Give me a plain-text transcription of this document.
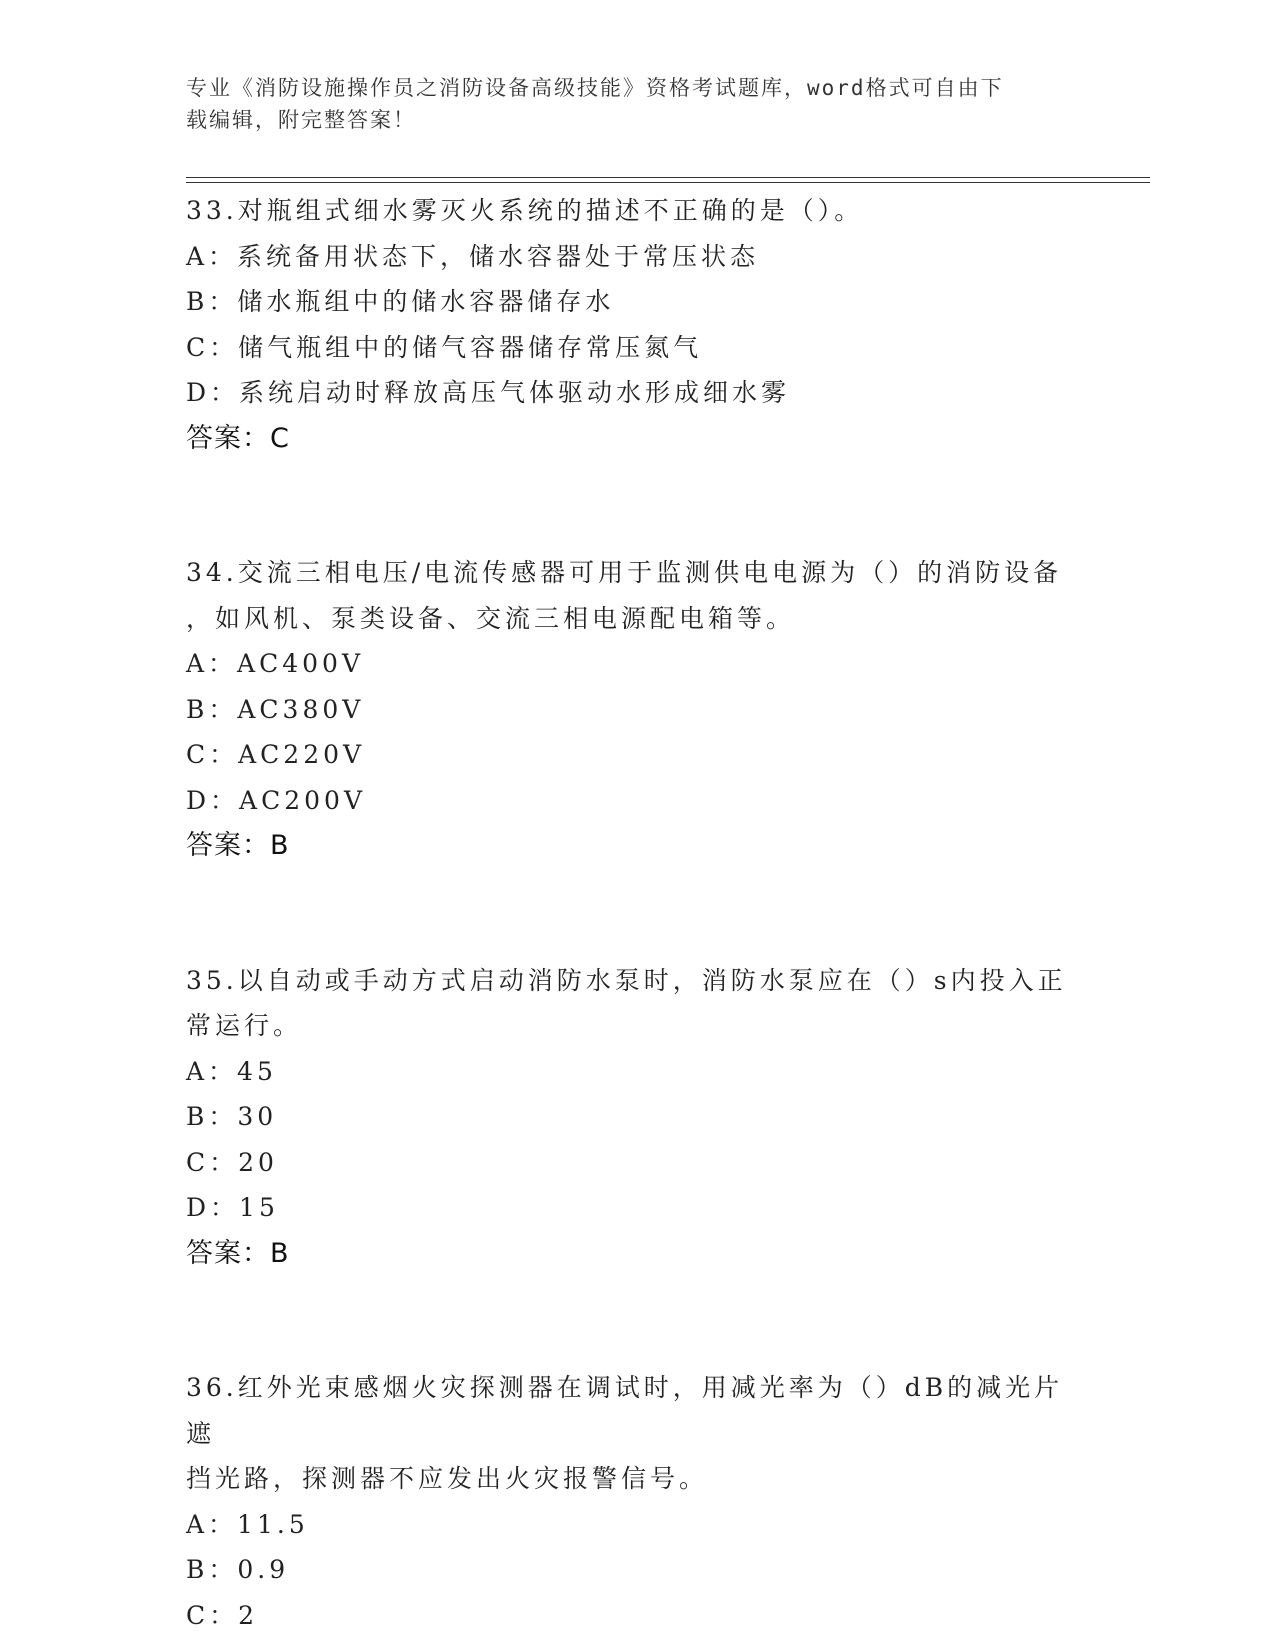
专业《消防设施操作员之消防设备高级技能》资格考试题库，word格式可自由下
载编辑，附完整答案！
33.对瓶组式细水雾灭火系统的描述不正确的是（）。
A：系统备用状态下，储水容器处于常压状态
B：储水瓶组中的储水容器储存水
C：储气瓶组中的储气容器储存常压氮气
D：系统启动时释放高压气体驱动水形成细水雾
答案：C
34.交流三相电压/电流传感器可用于监测供电电源为（）的消防设备
，如风机、泵类设备、交流三相电源配电箱等。
A：AC400V
B：AC380V
C：AC220V
D：AC200V
答案：B
35.以自动或手动方式启动消防水泵时，消防水泵应在（）s内投入正
常运行。
A：45
B：30
C：20
D：15
答案：B
36.红外光束感烟火灾探测器在调试时，用减光率为（）dB的减光片遮
挡光路，探测器不应发出火灾报警信号。
A：11.5
B：0.9
C：2
